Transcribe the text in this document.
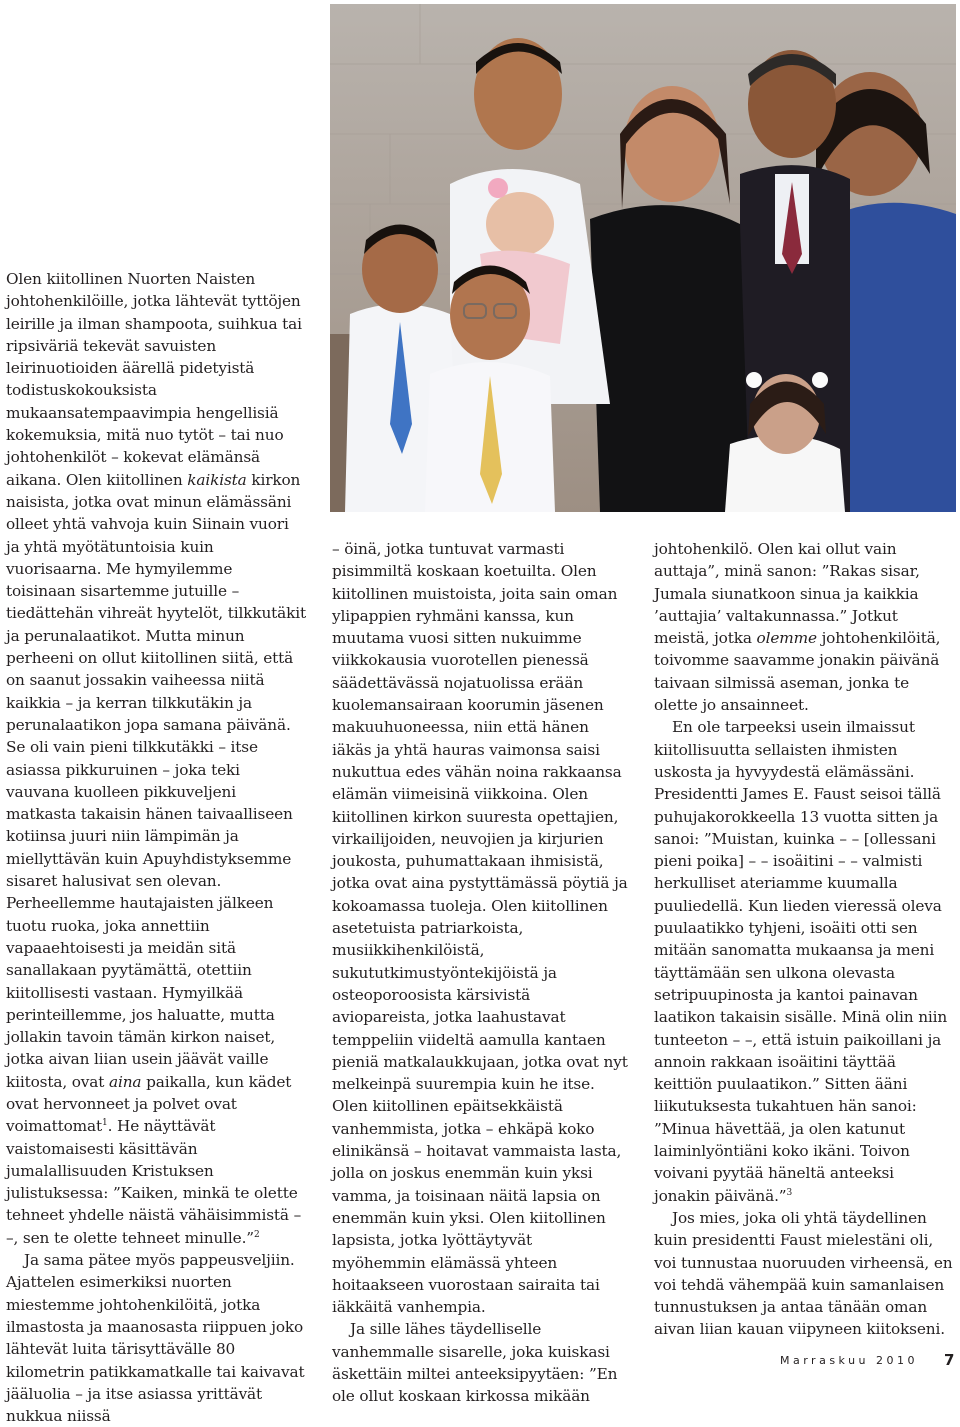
Olen kiitollinen Nuorten Naisten johtohenkilöille, jotka lähtevät tyttöjen leirille ja ilman shampoota, suihkua tai ripsiväriä tekevät savuisten leirinuotioiden äärellä pidetyistä todistuskokouksista mukaansatempaavimpia hengellisiä kokemuksia, mitä nuo tytöt – tai nuo johtohenkilöt – kokevat elämänsä aikana. Olen kiitollinen kaikista kirkon naisista, jotka ovat minun elämässäni olleet yhtä vahvoja kuin Siinain vuori ja yhtä myötätuntoisia kuin vuorisaarna. Me hymyilemme toisinaan sisartemme jutuille – tiedättehän vihreät hyytelöt, tilkkutäkit ja perunalaatikot. Mutta minun perheeni on ollut kiitollinen siitä, että on saanut jossakin vaiheessa niitä kaikkia – ja kerran tilkkutäkin ja perunalaatikon jopa samana päivänä. Se oli vain pieni tilkkutäkki – itse asiassa pikkuruinen – joka teki vauvana kuolleen pikkuveljeni matkasta takaisin hänen taivaalliseen kotiinsa juuri niin lämpimän ja miellyttävän kuin Apuyhdistyksemme sisaret halusivat sen olevan. Perheellemme hautajaisten jälkeen tuotu ruoka, joka annettiin vapaaehtoisesti ja meidän sitä sanallakaan pyytämättä, otettiin kiitollisesti vastaan. Hymyilkää perinteillemme, jos haluatte, mutta jollakin tavoin tämän kirkon naiset, jotka aivan liian usein jäävät vaille kiitosta, ovat aina paikalla, kun kädet ovat hervonneet ja polvet ovat voimattomat$^1$. He näyttävät vaistomaisesti käsittävän jumalallisuuden Kristuksen julistuksessa: ”Kaiken, minkä te olette tehneet yhdelle näistä vähäisimmistä – –, sen te olette tehneet minulle.”$^2$

Ja sama pätee myös pappeusveljiin. Ajattelen esimerkiksi nuorten miestemme johtohenkilöitä, jotka ilmastosta ja maanosasta riippuen joko lähtevät luita tärisyttävälle 80 kilometrin patikkamatkalle tai kaivavat jääluolia – ja itse asiassa yrittävät nukkua niissä

– öinä, jotka tuntuvat varmasti pisimmiltä koskaan koetuilta. Olen kiitollinen muistoista, joita sain oman ylipappien ryhmäni kanssa, kun muutama vuosi sitten nukuimme viikkokausia vuorotellen pienessä säädettävässä nojatuolissa erään kuolemansairaan koorumin jäsenen makuuhuoneessa, niin että hänen iäkäs ja yhtä hauras vaimonsa saisi nukuttua edes vähän noina rakkaansa elämän viimeisinä viikkoina. Olen kiitollinen kirkon suuresta opettajien, virkailijoiden, neuvojien ja kirjurien joukosta, puhumattakaan ihmisistä, jotka ovat aina pystyttämässä pöytiä ja kokoamassa tuoleja. Olen kiitollinen asetetuista patriarkoista, musiikkihenkilöistä, sukututkimustyöntekijöistä ja osteoporoosista kärsivistä aviopareista, jotka laahustavat temppeliin viideltä aamulla kantaen pieniä matkalaukkujaan, jotka ovat nyt melkeinpä suurempia kuin he itse. Olen kiitollinen epäitsekkäistä vanhemmista, jotka – ehkäpä koko elinikänsä – hoitavat vammaista lasta, jolla on joskus enemmän kuin yksi vamma, ja toisinaan näitä lapsia on enemmän kuin yksi. Olen kiitollinen lapsista, jotka lyöttäytyvät myöhemmin elämässä yhteen hoitaakseen vuorostaan sairaita tai iäkkäitä vanhempia.

Ja sille lähes täydelliselle vanhemmalle sisarelle, joka kuiskasi äskettäin miltei anteeksipyytäen: ”En ole ollut koskaan kirkossa mikään

johtohenkilö. Olen kai ollut vain auttaja”, minä sanon: ”Rakas sisar, Jumala siunatkoon sinua ja kaikkia ’auttajia’ valtakunnassa.” Jotkut meistä, jotka olemme johtohenkilöitä, toivomme saavamme jonakin päivänä taivaan silmissä aseman, jonka te olette jo ansainneet.

En ole tarpeeksi usein ilmaissut kiitollisuutta sellaisten ihmisten uskosta ja hyvyydestä elämässäni. Presidentti James E. Faust seisoi tällä puhujakorokkeella 13 vuotta sitten ja sanoi: ”Muistan, kuinka – – [ollessani pieni poika] – – isoäitini – – valmisti herkulliset ateriamme kuumalla puuliedellä. Kun lieden vieressä oleva puulaatikko tyhjeni, isoäiti otti sen mitään sanomatta mukaansa ja meni täyttämään sen ulkona olevasta setripuupinosta ja kantoi painavan laatikon takaisin sisälle. Minä olin niin tunteeton – –, että istuin paikoillani ja annoin rakkaan isoäitini täyttää keittiön puulaatikon.” Sitten ääni liikutuksesta tukahtuen hän sanoi: ”Minua hävettää, ja olen katunut laiminlyöntiäni koko ikäni. Toivon voivani pyytää häneltä anteeksi jonakin päivänä.”$^3$

Jos mies, joka oli yhtä täydellinen kuin presidentti Faust mielestäni oli, voi tunnustaa nuoruuden virheensä, en voi tehdä vähempää kuin samanlaisen tunnustuksen ja antaa tänään oman aivan liian kauan viipyneen kiitokseni.

Marraskuu 2010 7
